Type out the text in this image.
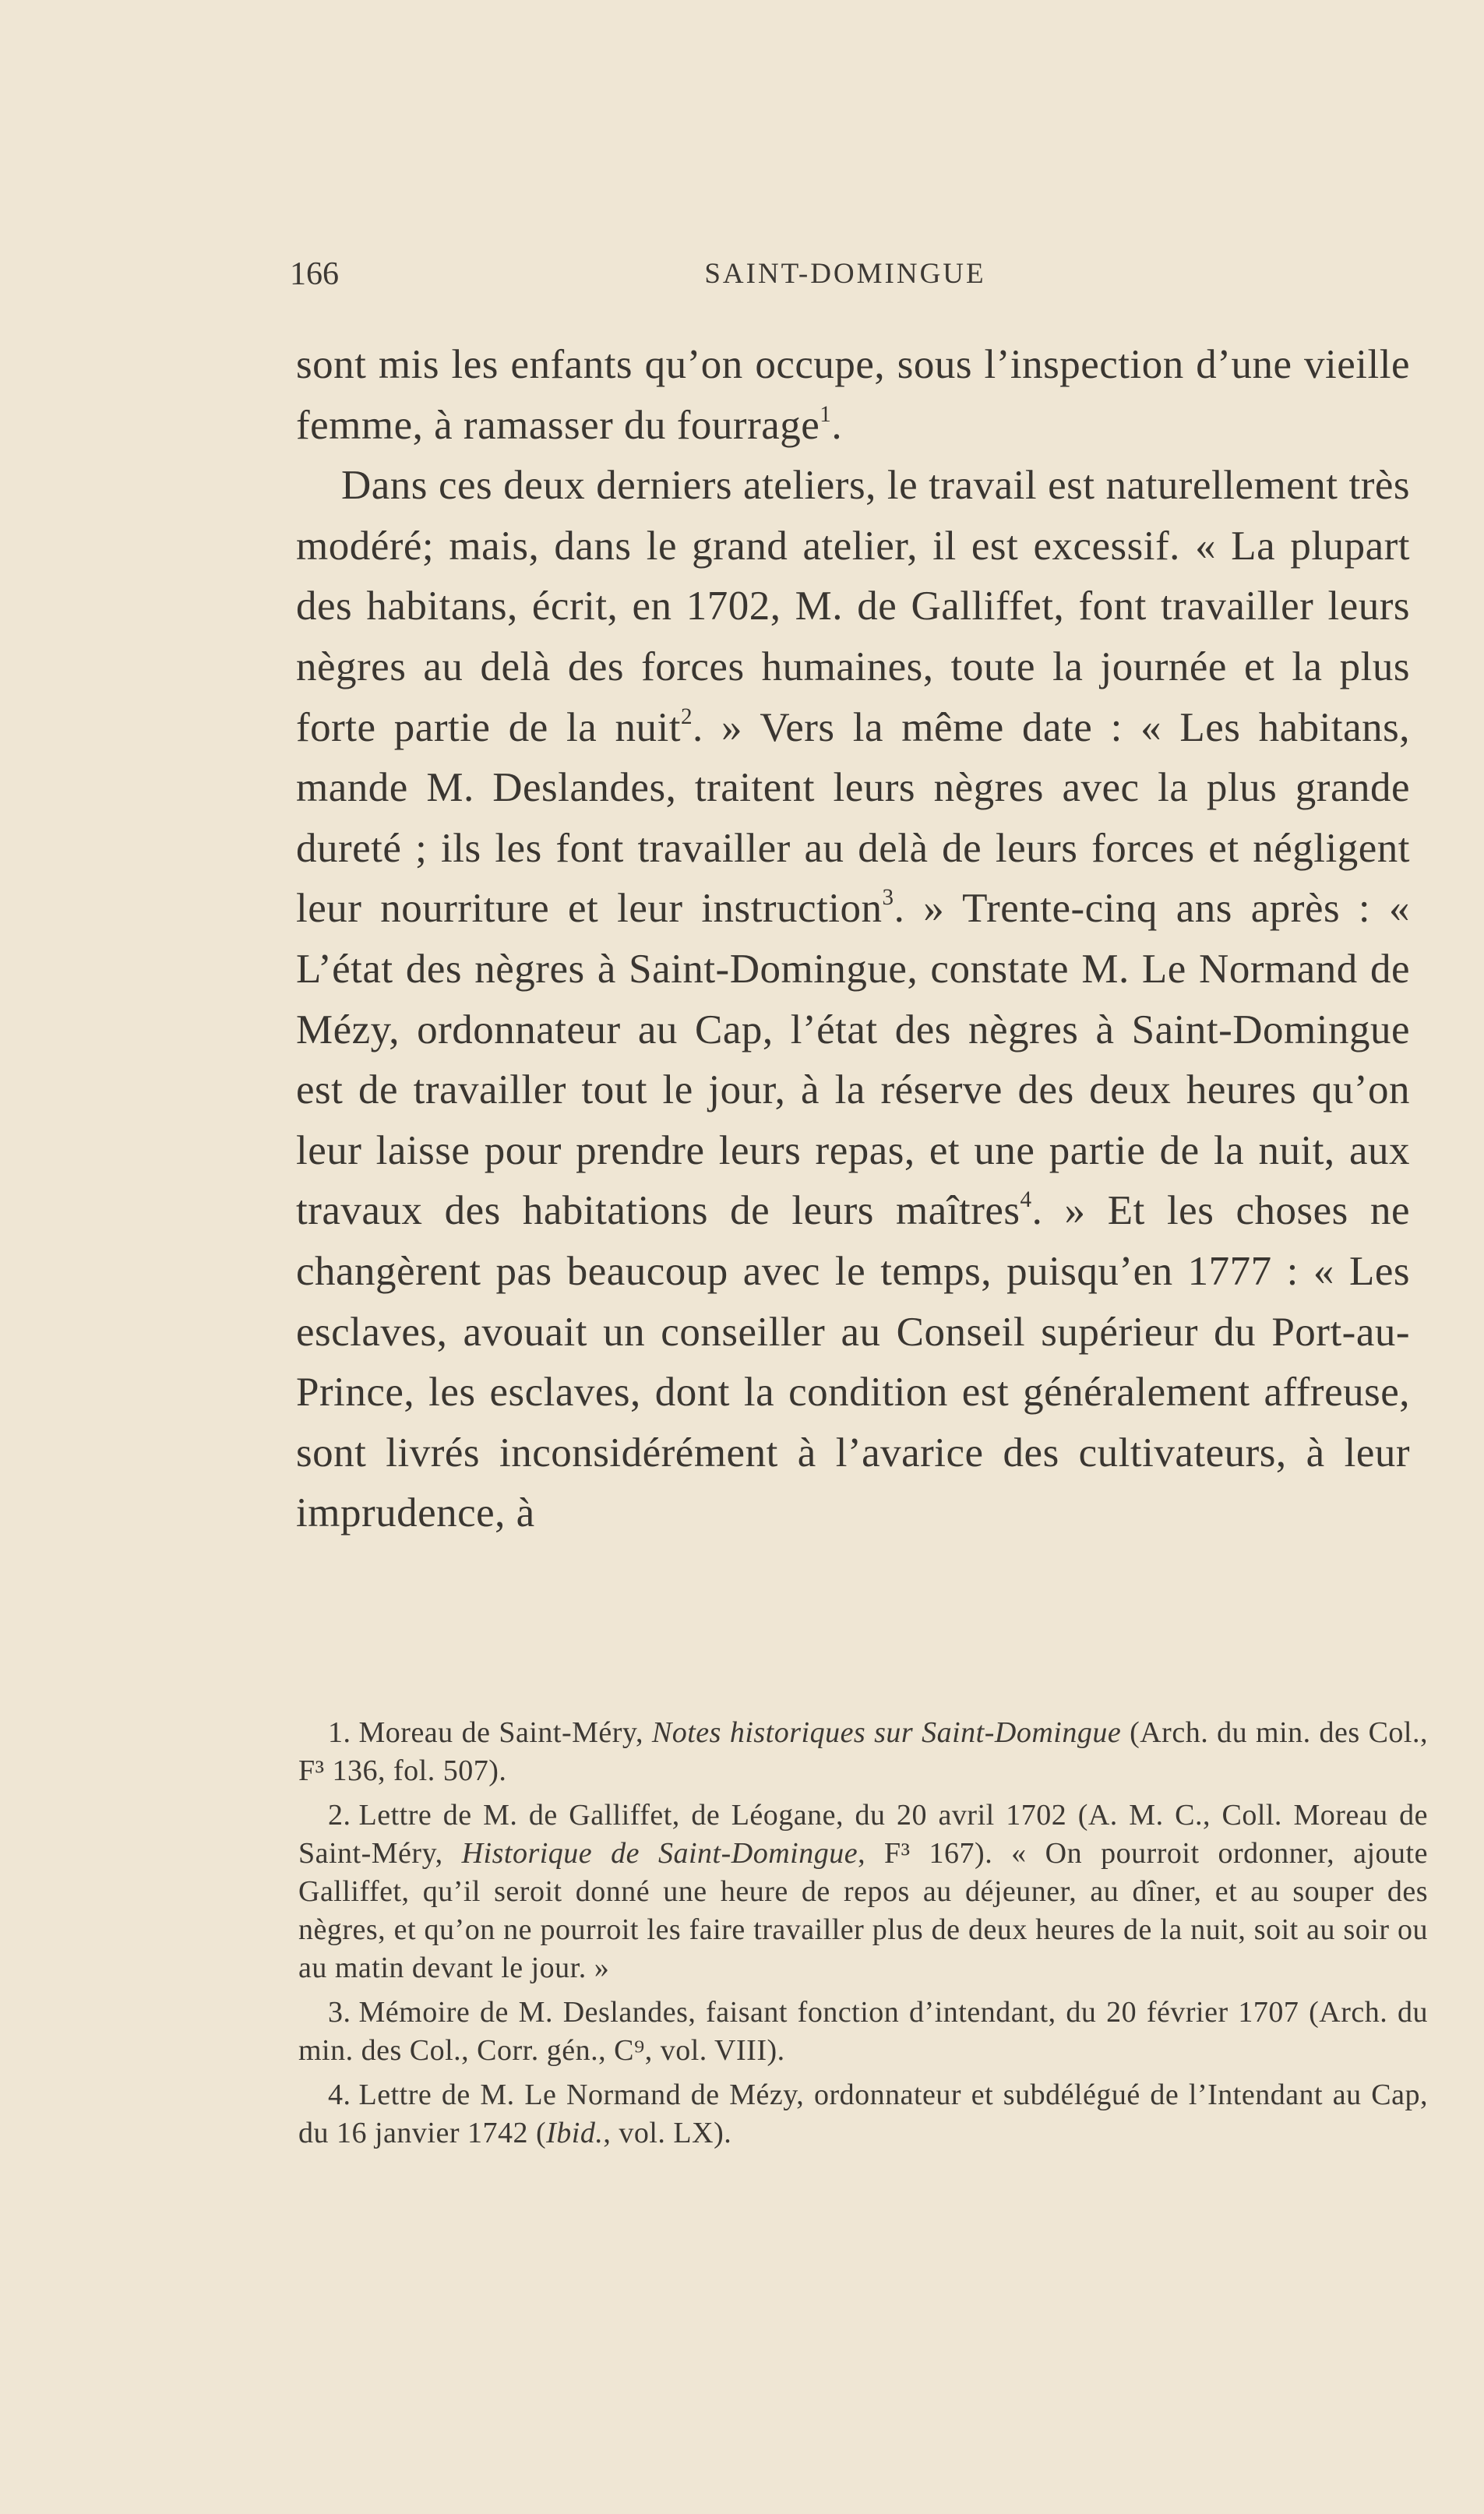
166	SAINT-DOMINGUE

sont mis les enfants qu’on occupe, sous l’inspection d’une vieille femme, à ramasser du fourrage$^1$.

Dans ces deux derniers ateliers, le travail est naturellement très modéré; mais, dans le grand atelier, il est excessif. « La plupart des habitans, écrit, en 1702, M. de Galliffet, font travailler leurs nègres au delà des forces humaines, toute la journée et la plus forte partie de la nuit$^2$. » Vers la même date : « Les habitans, mande M. Deslandes, traitent leurs nègres avec la plus grande dureté ; ils les font travailler au delà de leurs forces et négligent leur nourriture et leur instruction$^3$. » Trente-cinq ans après : « L’état des nègres à Saint-Domingue, constate M. Le Normand de Mézy, ordonnateur au Cap, l’état des nègres à Saint-Domingue est de travailler tout le jour, à la réserve des deux heures qu’on leur laisse pour prendre leurs repas, et une partie de la nuit, aux travaux des habitations de leurs maîtres$^4$. » Et les choses ne changèrent pas beaucoup avec le temps, puisqu’en 1777 : « Les esclaves, avouait un conseiller au Conseil supérieur du Port-au-Prince, les esclaves, dont la condition est généralement affreuse, sont livrés inconsidérément à l’avarice des cultivateurs, à leur imprudence, à

1. Moreau de Saint-Méry, Notes historiques sur Saint-Domingue (Arch. du min. des Col., F³ 136, fol. 507).

2. Lettre de M. de Galliffet, de Léogane, du 20 avril 1702 (A. M. C., Coll. Moreau de Saint-Méry, Historique de Saint-Domingue, F³ 167). « On pourroit ordonner, ajoute Galliffet, qu’il seroit donné une heure de repos au déjeuner, au dîner, et au souper des nègres, et qu’on ne pourroit les faire travailler plus de deux heures de la nuit, soit au soir ou au matin devant le jour. »

3. Mémoire de M. Deslandes, faisant fonction d’intendant, du 20 février 1707 (Arch. du min. des Col., Corr. gén., C⁹, vol. VIII).

4. Lettre de M. Le Normand de Mézy, ordonnateur et subdélégué de l’Intendant au Cap, du 16 janvier 1742 (Ibid., vol. LX).
